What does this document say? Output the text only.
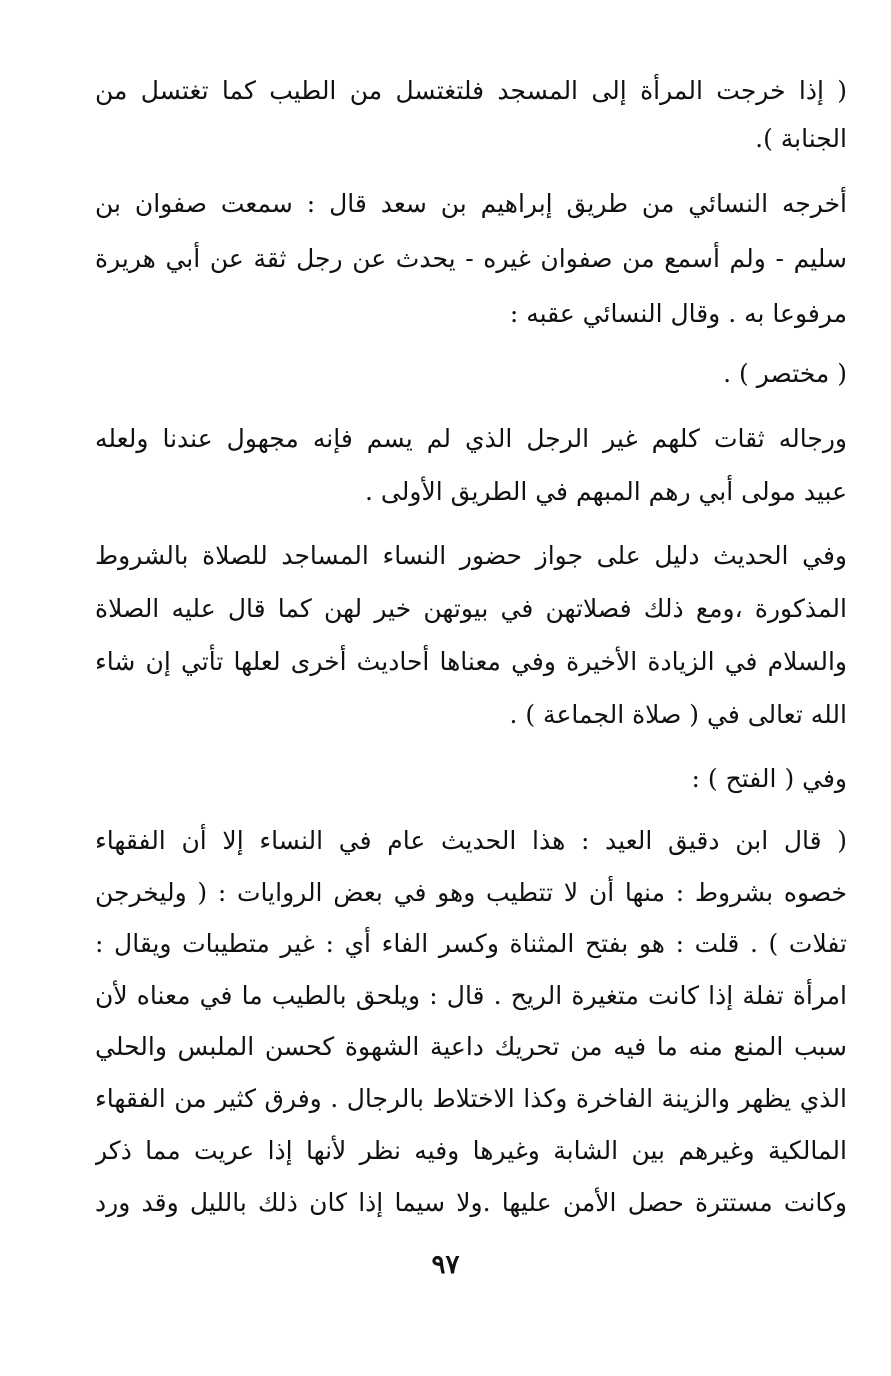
( إذا خرجت المرأة إلى المسجد فلتغتسل من الطيب كما تغتسل من
الجنابة ).
أخرجه النسائي من طريق إبراهيم بن سعد قال : سمعت صفوان بن
سليم - ولم أسمع من صفوان غيره - يحدث عن رجل ثقة عن أبي هريرة
مرفوعا به . وقال النسائي عقبه :
( مختصر ) .
ورجاله ثقات كلهم غير الرجل الذي لم يسم فإنه مجهول عندنا ولعله
عبيد مولى أبي رهم المبهم في الطريق الأولى .
وفي الحديث دليل على جواز حضور النساء المساجد للصلاة بالشروط
المذكورة ،ومع ذلك فصلاتهن في بيوتهن خير لهن كما قال عليه الصلاة
والسلام في الزيادة الأخيرة وفي معناها أحاديث أخرى لعلها تأتي إن شاء
الله تعالى في ( صلاة الجماعة ) .
وفي ( الفتح ) :
( قال ابن دقيق العيد : هذا الحديث عام في النساء إلا أن الفقهاء
خصوه بشروط : منها أن لا تتطيب وهو في بعض الروايات : ( وليخرجن
تفلات ) . قلت : هو بفتح المثناة وكسر الفاء أي : غير متطيبات ويقال :
امرأة تفلة إذا كانت متغيرة الريح . قال : ويلحق بالطيب ما في معناه لأن
سبب المنع منه ما فيه من تحريك داعية الشهوة كحسن الملبس والحلي
الذي يظهر والزينة الفاخرة وكذا الاختلاط بالرجال . وفرق كثير من الفقهاء
المالكية وغيرهم بين الشابة وغيرها وفيه نظر لأنها إذا عريت مما ذكر
وكانت مستترة حصل الأمن عليها .ولا سيما إذا كان ذلك بالليل وقد ورد
٩٧
